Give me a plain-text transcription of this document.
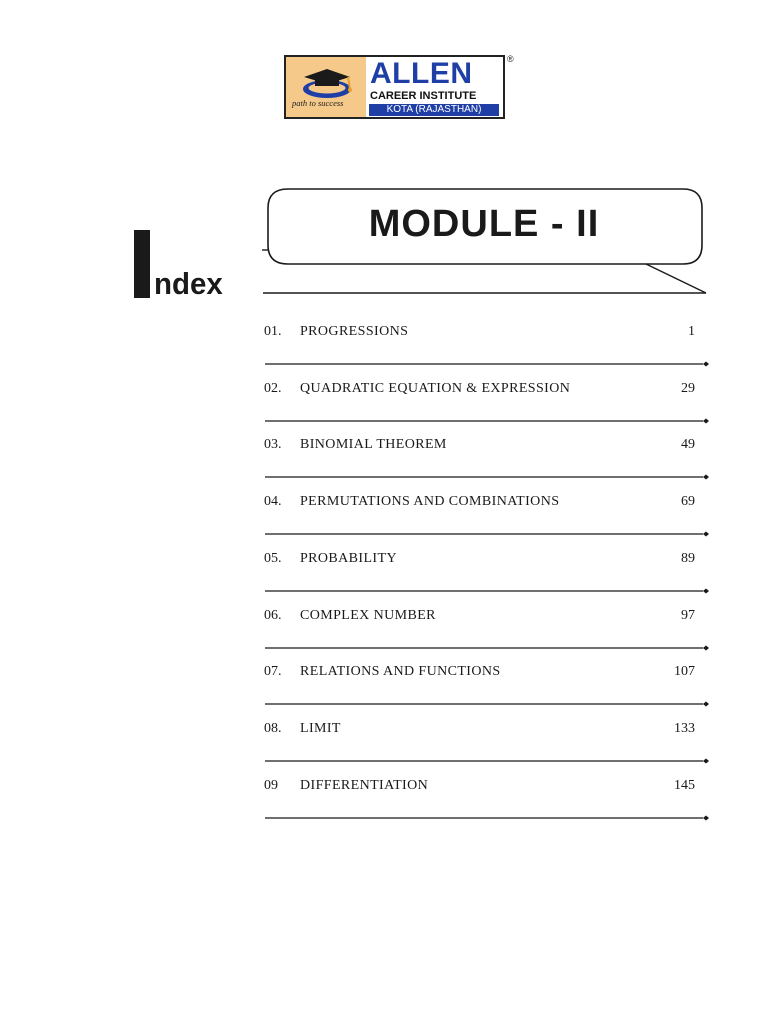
path to success
ALLEN
CAREER INSTITUTE
KOTA (RAJASTHAN)
®
ndex
MODULE - II
01. PROGRESSIONS	1
02. QUADRATIC EQUATION & EXPRESSION	29
03. BINOMIAL THEOREM	49
04. PERMUTATIONS AND COMBINATIONS	69
05. PROBABILITY	89
06. COMPLEX NUMBER	97
07. RELATIONS AND FUNCTIONS	107
08. LIMIT	133
09 DIFFERENTIATION	145
